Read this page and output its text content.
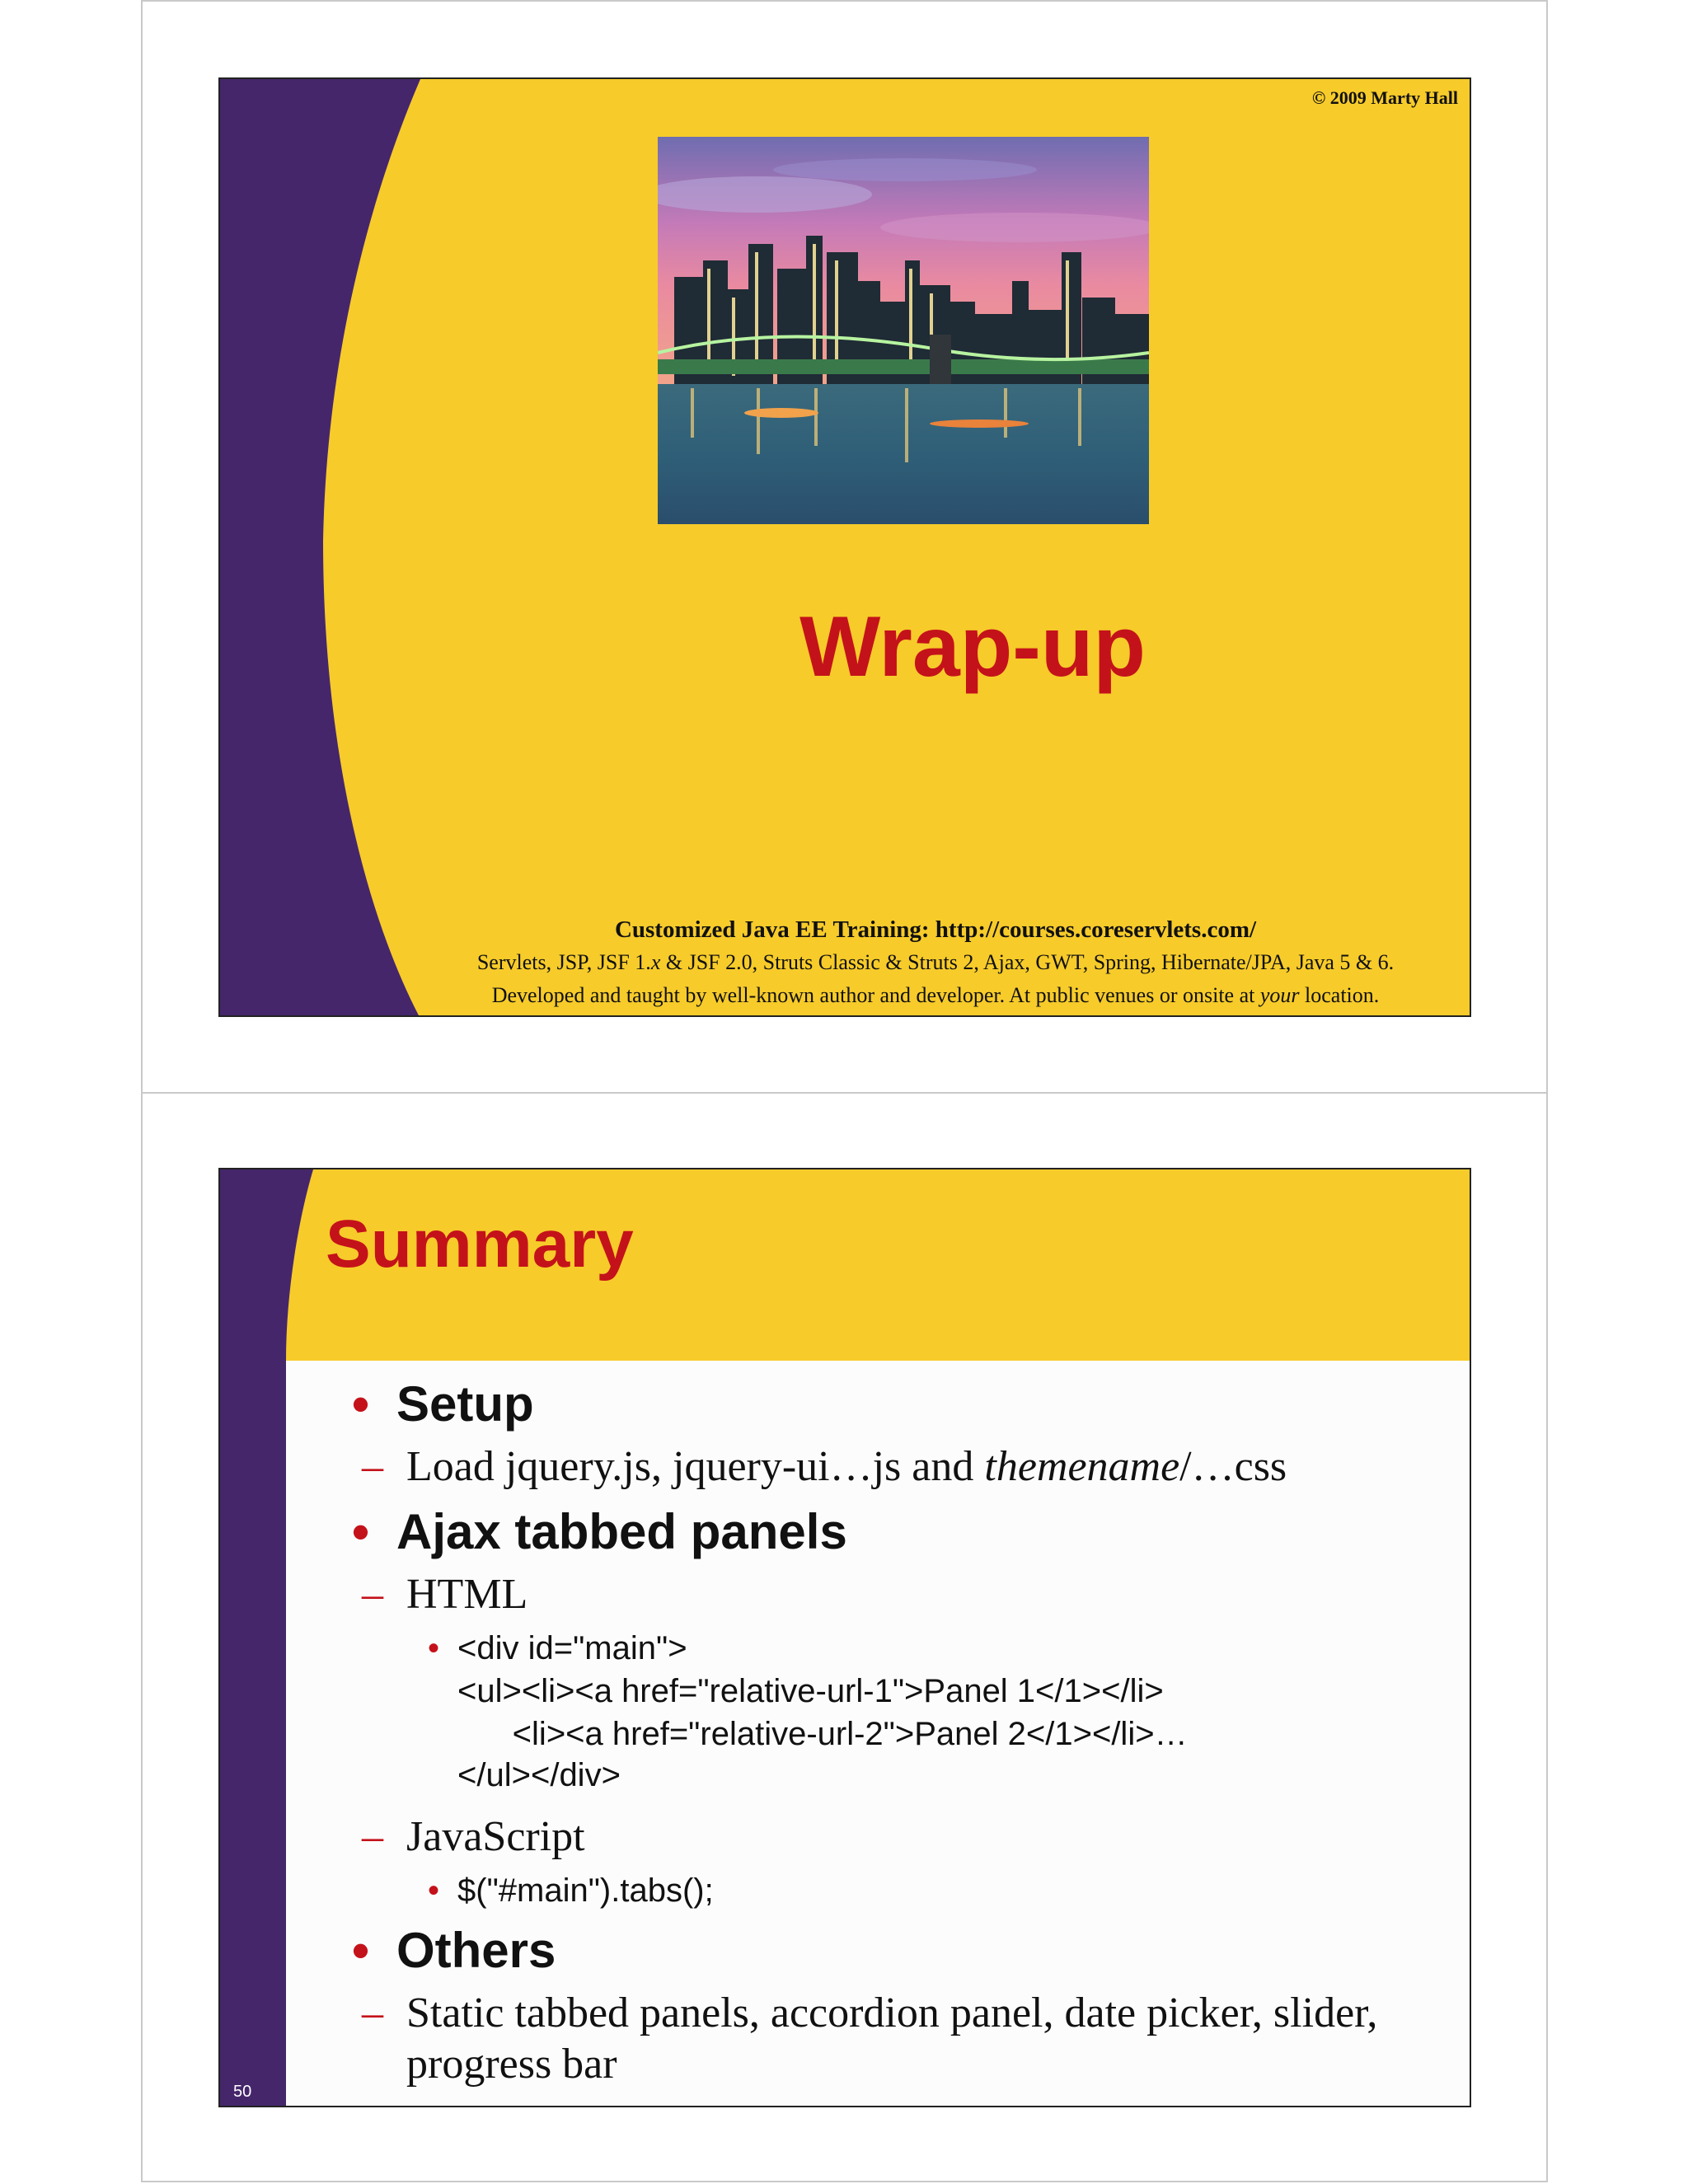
© 2009 Marty Hall
Wrap-up
Customized Java EE Training: http://courses.coreservlets.com/
Servlets, JSP, JSF 1.x & JSF 2.0, Struts Classic & Struts 2, Ajax, GWT, Spring, Hibernate/JPA, Java 5 & 6.
Developed and taught by well-known author and developer. At public venues or onsite at your location.
Summary
• Setup
– Load jquery.js, jquery-ui…js and themename/…css
• Ajax tabbed panels
– HTML
• <div id="main">
<ul><li><a href="relative-url-1">Panel 1</1></li>
<li><a href="relative-url-2">Panel 2</1></li>…
</ul></div>
– JavaScript
• $("#main").tabs();
• Others
– Static tabbed panels, accordion panel, date picker, slider,
progress bar
50
